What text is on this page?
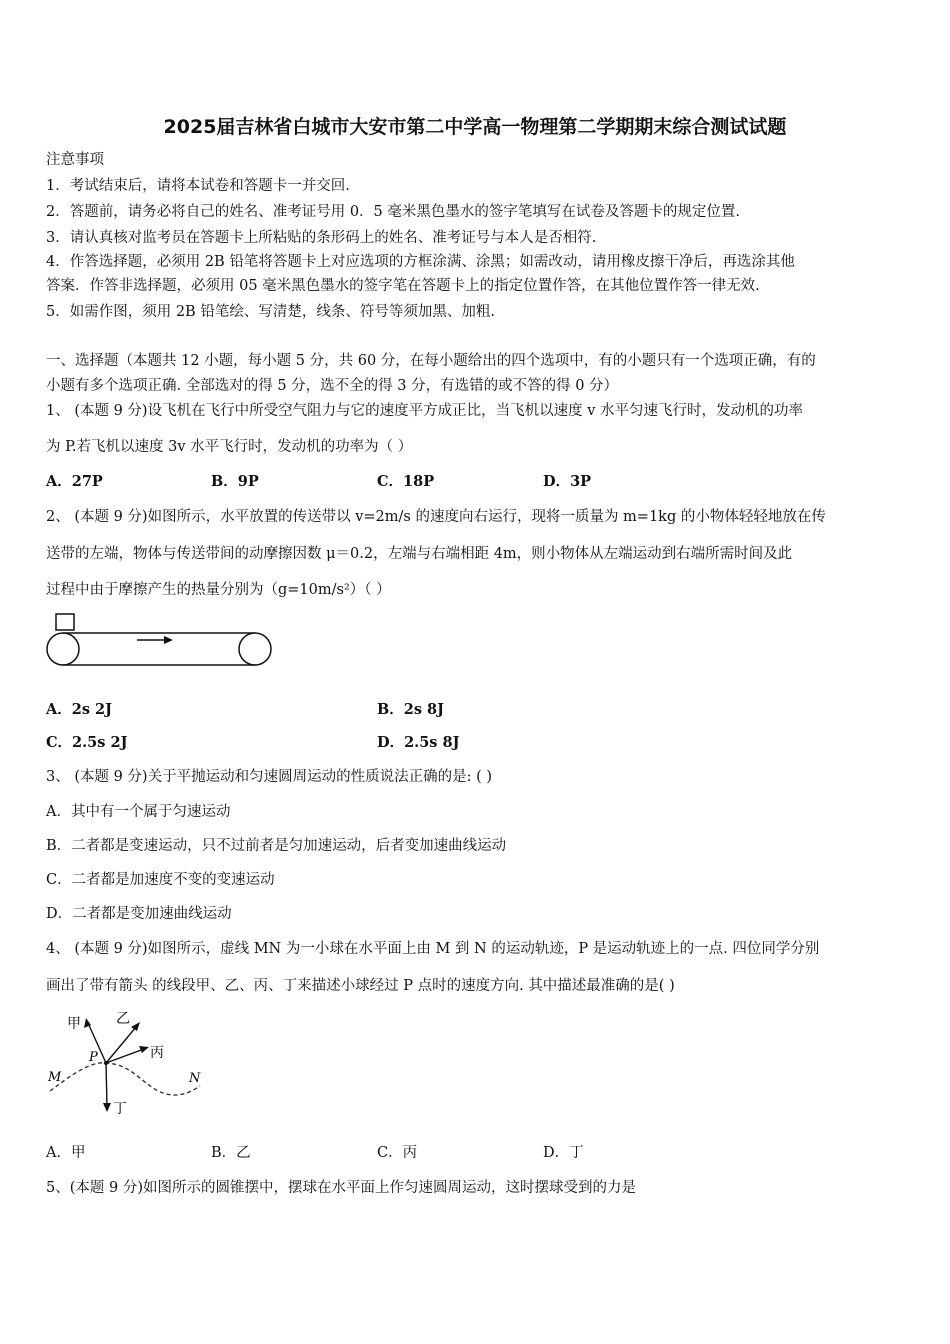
2025届吉林省白城市大安市第二中学高一物理第二学期期末综合测试试题
注意事项
1．考试结束后，请将本试卷和答题卡一并交回.
2．答题前，请务必将自己的姓名、准考证号用 0．5 毫米黑色墨水的签字笔填写在试卷及答题卡的规定位置.
3．请认真核对监考员在答题卡上所粘贴的条形码上的姓名、准考证号与本人是否相符.
4．作答选择题，必须用 2B 铅笔将答题卡上对应选项的方框涂满、涂黑；如需改动，请用橡皮擦干净后，再选涂其他
答案．作答非选择题，必须用 05 毫米黑色墨水的签字笔在答题卡上的指定位置作答，在其他位置作答一律无效.
5．如需作图，须用 2B 铅笔绘、写清楚，线条、符号等须加黑、加粗.
一、选择题（本题共 12 小题，每小题 5 分，共 60 分，在每小题给出的四个选项中，有的小题只有一个选项正确，有的
小题有多个选项正确. 全部选对的得 5 分，选不全的得 3 分，有选错的或不答的得 0 分）
1、 (本题 9 分)设飞机在飞行中所受空气阻力与它的速度平方成正比，当飞机以速度 v 水平匀速飞行时，发动机的功率
为 P.若飞机以速度 3v 水平飞行时，发动机的功率为（ ）
A．27P	B．9P	C．18P	D．3P
2、 (本题 9 分)如图所示，水平放置的传送带以 v=2m/s 的速度向右运行，现将一质量为 m=1kg 的小物体轻轻地放在传
送带的左端，物体与传送带间的动摩擦因数 μ＝0.2，左端与右端相距 4m，则小物体从左端运动到右端所需时间及此
过程中由于摩擦产生的热量分别为（g=10m/s²）（ ）
A．2s 2J	B．2s 8J
C．2.5s 2J	D．2.5s 8J
3、 (本题 9 分)关于平抛运动和匀速圆周运动的性质说法正确的是: ( )
A．其中有一个属于匀速运动
B．二者都是变速运动，只不过前者是匀加速运动，后者变加速曲线运动
C．二者都是加速度不变的变速运动
D．二者都是变加速曲线运动
4、 (本题 9 分)如图所示，虚线 MN 为一小球在水平面上由 M 到 N 的运动轨迹，P 是运动轨迹上的一点. 四位同学分别
画出了带有箭头 的线段甲、乙、丙、丁来描述小球经过 P 点时的速度方向. 其中描述最准确的是( )
甲	乙
丙
丁
P
M	N
A．甲	B．乙	C．丙	D．丁
5、(本题 9 分)如图所示的圆锥摆中，摆球在水平面上作匀速圆周运动，这时摆球受到的力是
